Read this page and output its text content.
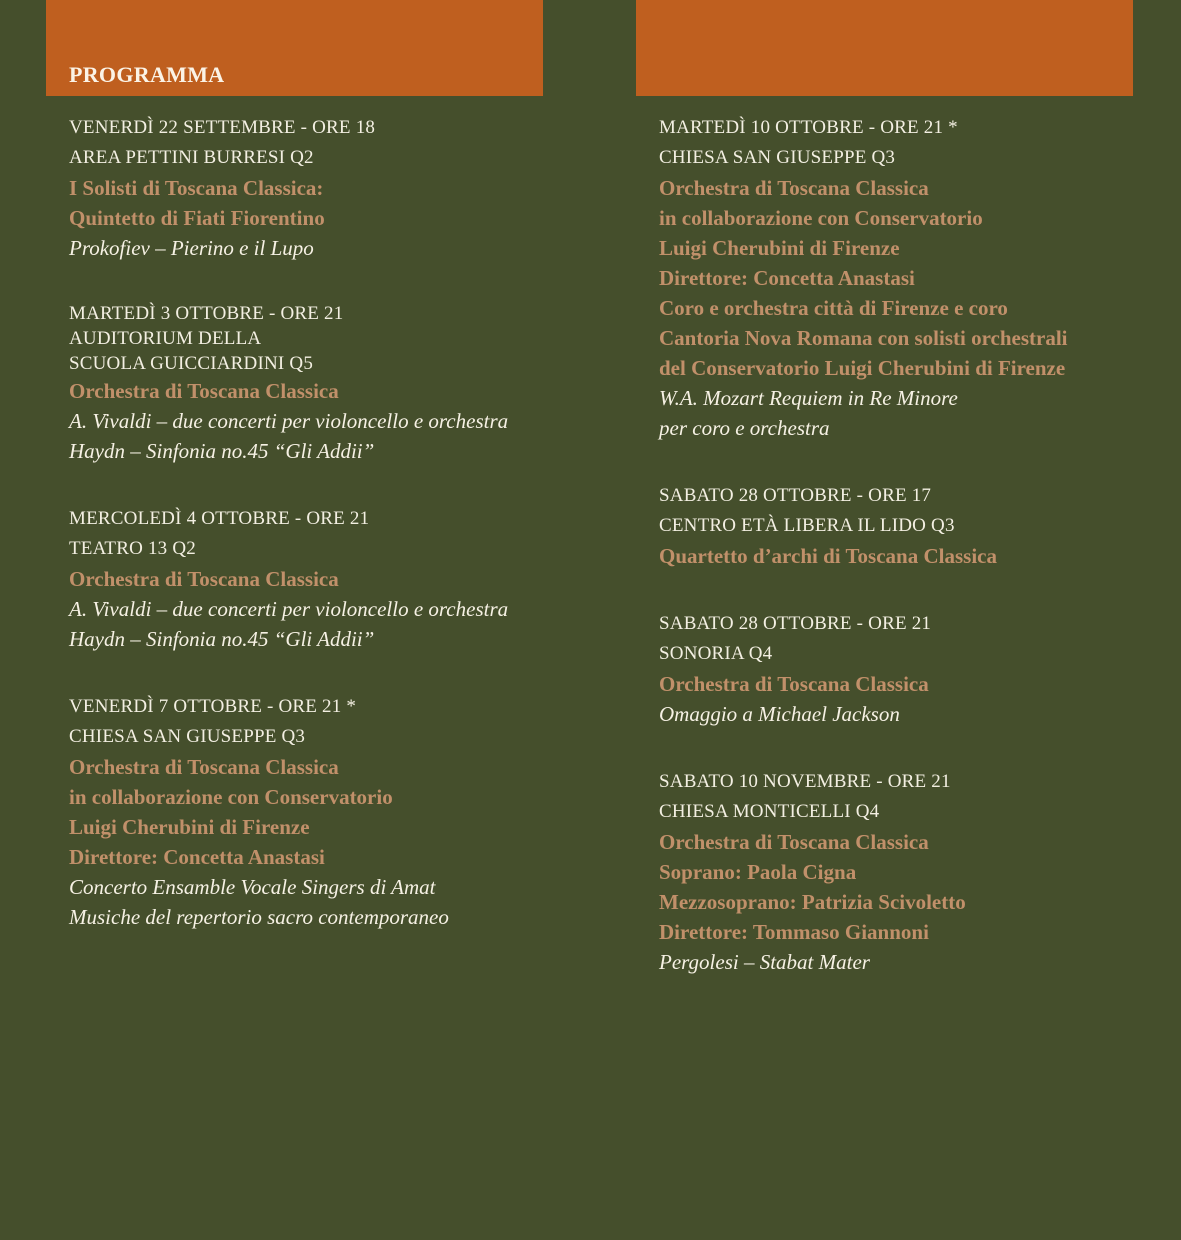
PROGRAMMA
VENERDÌ 22 SETTEMBRE - ORE 18
AREA PETTINI BURRESI Q2
I Solisti di Toscana Classica:
Quintetto di Fiati Fiorentino
Prokofiev – Pierino e il Lupo
MARTEDÌ 3 OTTOBRE - ORE 21
AUDITORIUM DELLA
SCUOLA GUICCIARDINI Q5
Orchestra di Toscana Classica
A. Vivaldi – due concerti per violoncello e orchestra
Haydn – Sinfonia no.45 “Gli Addii”
MERCOLEDÌ 4 OTTOBRE - ORE 21
TEATRO 13 Q2
Orchestra di Toscana Classica
A. Vivaldi – due concerti per violoncello e orchestra
Haydn – Sinfonia no.45 “Gli Addii”
VENERDÌ 7 OTTOBRE - ORE 21 *
CHIESA SAN GIUSEPPE Q3
Orchestra di Toscana Classica
in collaborazione con Conservatorio
Luigi Cherubini di Firenze
Direttore: Concetta Anastasi
Concerto Ensamble Vocale Singers di Amat
Musiche del repertorio sacro contemporaneo
MARTEDÌ 10 OTTOBRE - ORE 21 *
CHIESA SAN GIUSEPPE Q3
Orchestra di Toscana Classica
in collaborazione con Conservatorio
Luigi Cherubini di Firenze
Direttore: Concetta Anastasi
Coro e orchestra città di Firenze e coro
Cantoria Nova Romana con solisti orchestrali
del Conservatorio Luigi Cherubini di Firenze
W.A. Mozart Requiem in Re Minore
per coro e orchestra
SABATO 28 OTTOBRE - ORE 17
CENTRO ETÀ LIBERA IL LIDO Q3
Quartetto d’archi di Toscana Classica
SABATO 28 OTTOBRE - ORE 21
SONORIA Q4
Orchestra di Toscana Classica
Omaggio a Michael Jackson
SABATO 10 NOVEMBRE - ORE 21
CHIESA MONTICELLI Q4
Orchestra di Toscana Classica
Soprano: Paola Cigna
Mezzosoprano: Patrizia Scivoletto
Direttore: Tommaso Giannoni
Pergolesi – Stabat Mater
